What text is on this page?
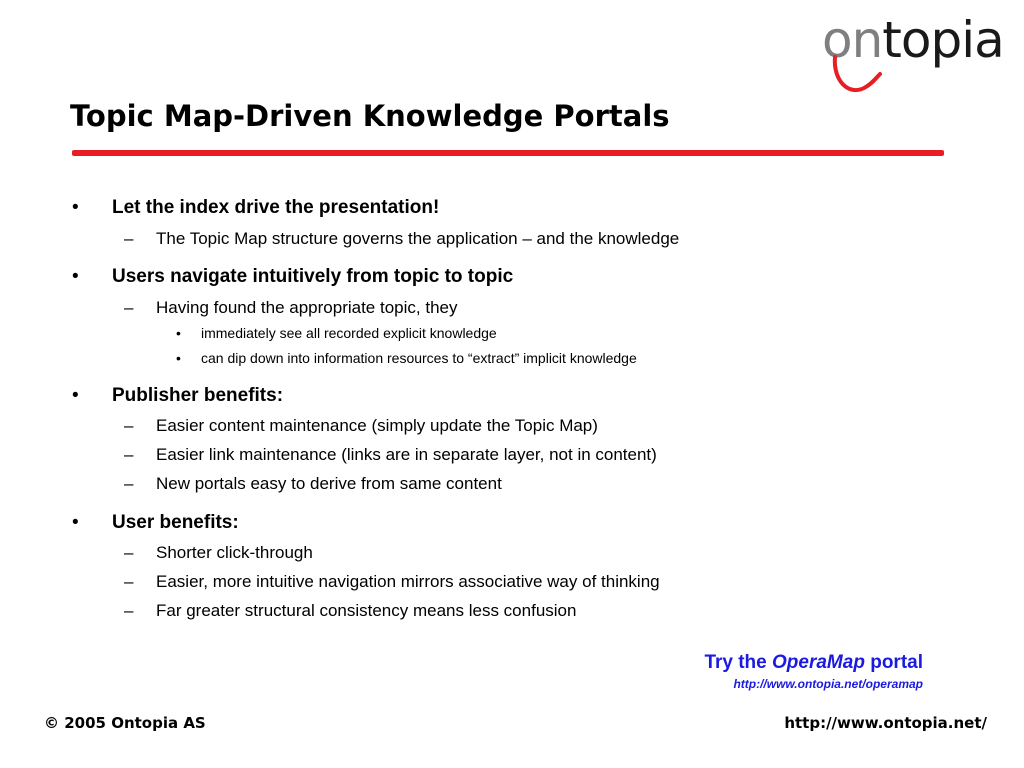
ontopia
Topic Map-Driven Knowledge Portals
• Let the index drive the presentation!
– The Topic Map structure governs the application – and the knowledge
• Users navigate intuitively from topic to topic
– Having found the appropriate topic, they
• immediately see all recorded explicit knowledge
• can dip down into information resources to “extract” implicit knowledge
• Publisher benefits:
– Easier content maintenance (simply update the Topic Map)
– Easier link maintenance (links are in separate layer, not in content)
– New portals easy to derive from same content
• User benefits:
– Shorter click-through
– Easier, more intuitive navigation mirrors associative way of thinking
– Far greater structural consistency means less confusion
Try the OperaMap portal
http://www.ontopia.net/operamap
© 2005 Ontopia AS	http://www.ontopia.net/
